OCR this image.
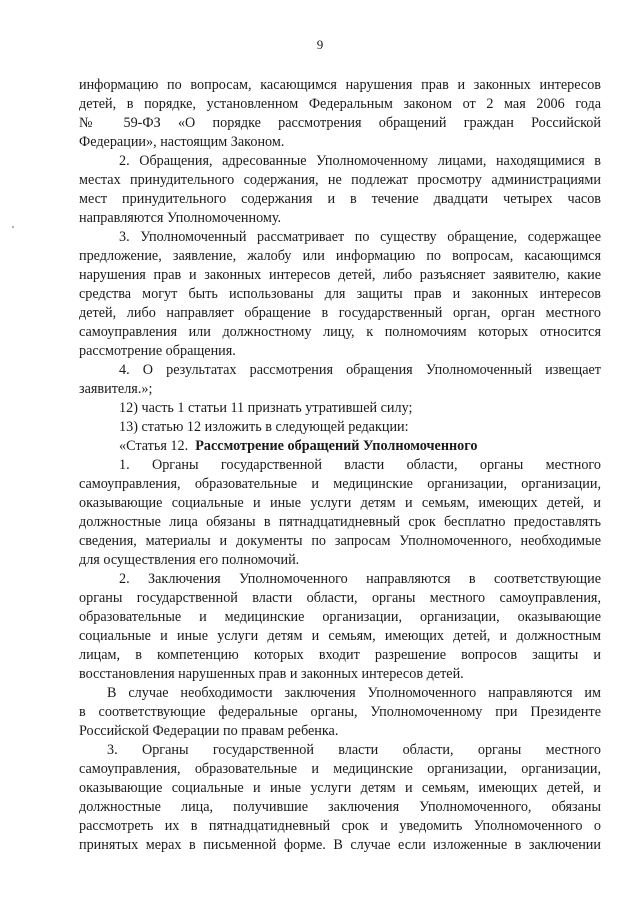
9
информацию по вопросам, касающимся нарушения прав и законных интересов
детей, в порядке, установленном Федеральным законом от 2 мая 2006 года
№ 59-ФЗ «О порядке рассмотрения обращений граждан Российской
Федерации», настоящим Законом.
2. Обращения, адресованные Уполномоченному лицами, находящимися в
местах принудительного содержания, не подлежат просмотру администрациями
мест принудительного содержания и в течение двадцати четырех часов
направляются Уполномоченному.
3. Уполномоченный рассматривает по существу обращение, содержащее
предложение, заявление, жалобу или информацию по вопросам, касающимся
нарушения прав и законных интересов детей, либо разъясняет заявителю, какие
средства могут быть использованы для защиты прав и законных интересов
детей, либо направляет обращение в государственный орган, орган местного
самоуправления или должностному лицу, к полномочиям которых относится
рассмотрение обращения.
4. О результатах рассмотрения обращения Уполномоченный извещает
заявителя.»;
12) часть 1 статьи 11 признать утратившей силу;
13) статью 12 изложить в следующей редакции:
«Статья 12. Рассмотрение обращений Уполномоченного
1. Органы государственной власти области, органы местного
самоуправления, образовательные и медицинские организации, организации,
оказывающие социальные и иные услуги детям и семьям, имеющих детей, и
должностные лица обязаны в пятнадцатидневный срок бесплатно предоставлять
сведения, материалы и документы по запросам Уполномоченного, необходимые
для осуществления его полномочий.
2. Заключения Уполномоченного направляются в соответствующие
органы государственной власти области, органы местного самоуправления,
образовательные и медицинские организации, организации, оказывающие
социальные и иные услуги детям и семьям, имеющих детей, и должностным
лицам, в компетенцию которых входит разрешение вопросов защиты и
восстановления нарушенных прав и законных интересов детей.
В случае необходимости заключения Уполномоченного направляются им
в соответствующие федеральные органы, Уполномоченному при Президенте
Российской Федерации по правам ребенка.
3. Органы государственной власти области, органы местного
самоуправления, образовательные и медицинские организации, организации,
оказывающие социальные и иные услуги детям и семьям, имеющих детей, и
должностные лица, получившие заключения Уполномоченного, обязаны
рассмотреть их в пятнадцатидневный срок и уведомить Уполномоченного о
принятых мерах в письменной форме. В случае если изложенные в заключении
